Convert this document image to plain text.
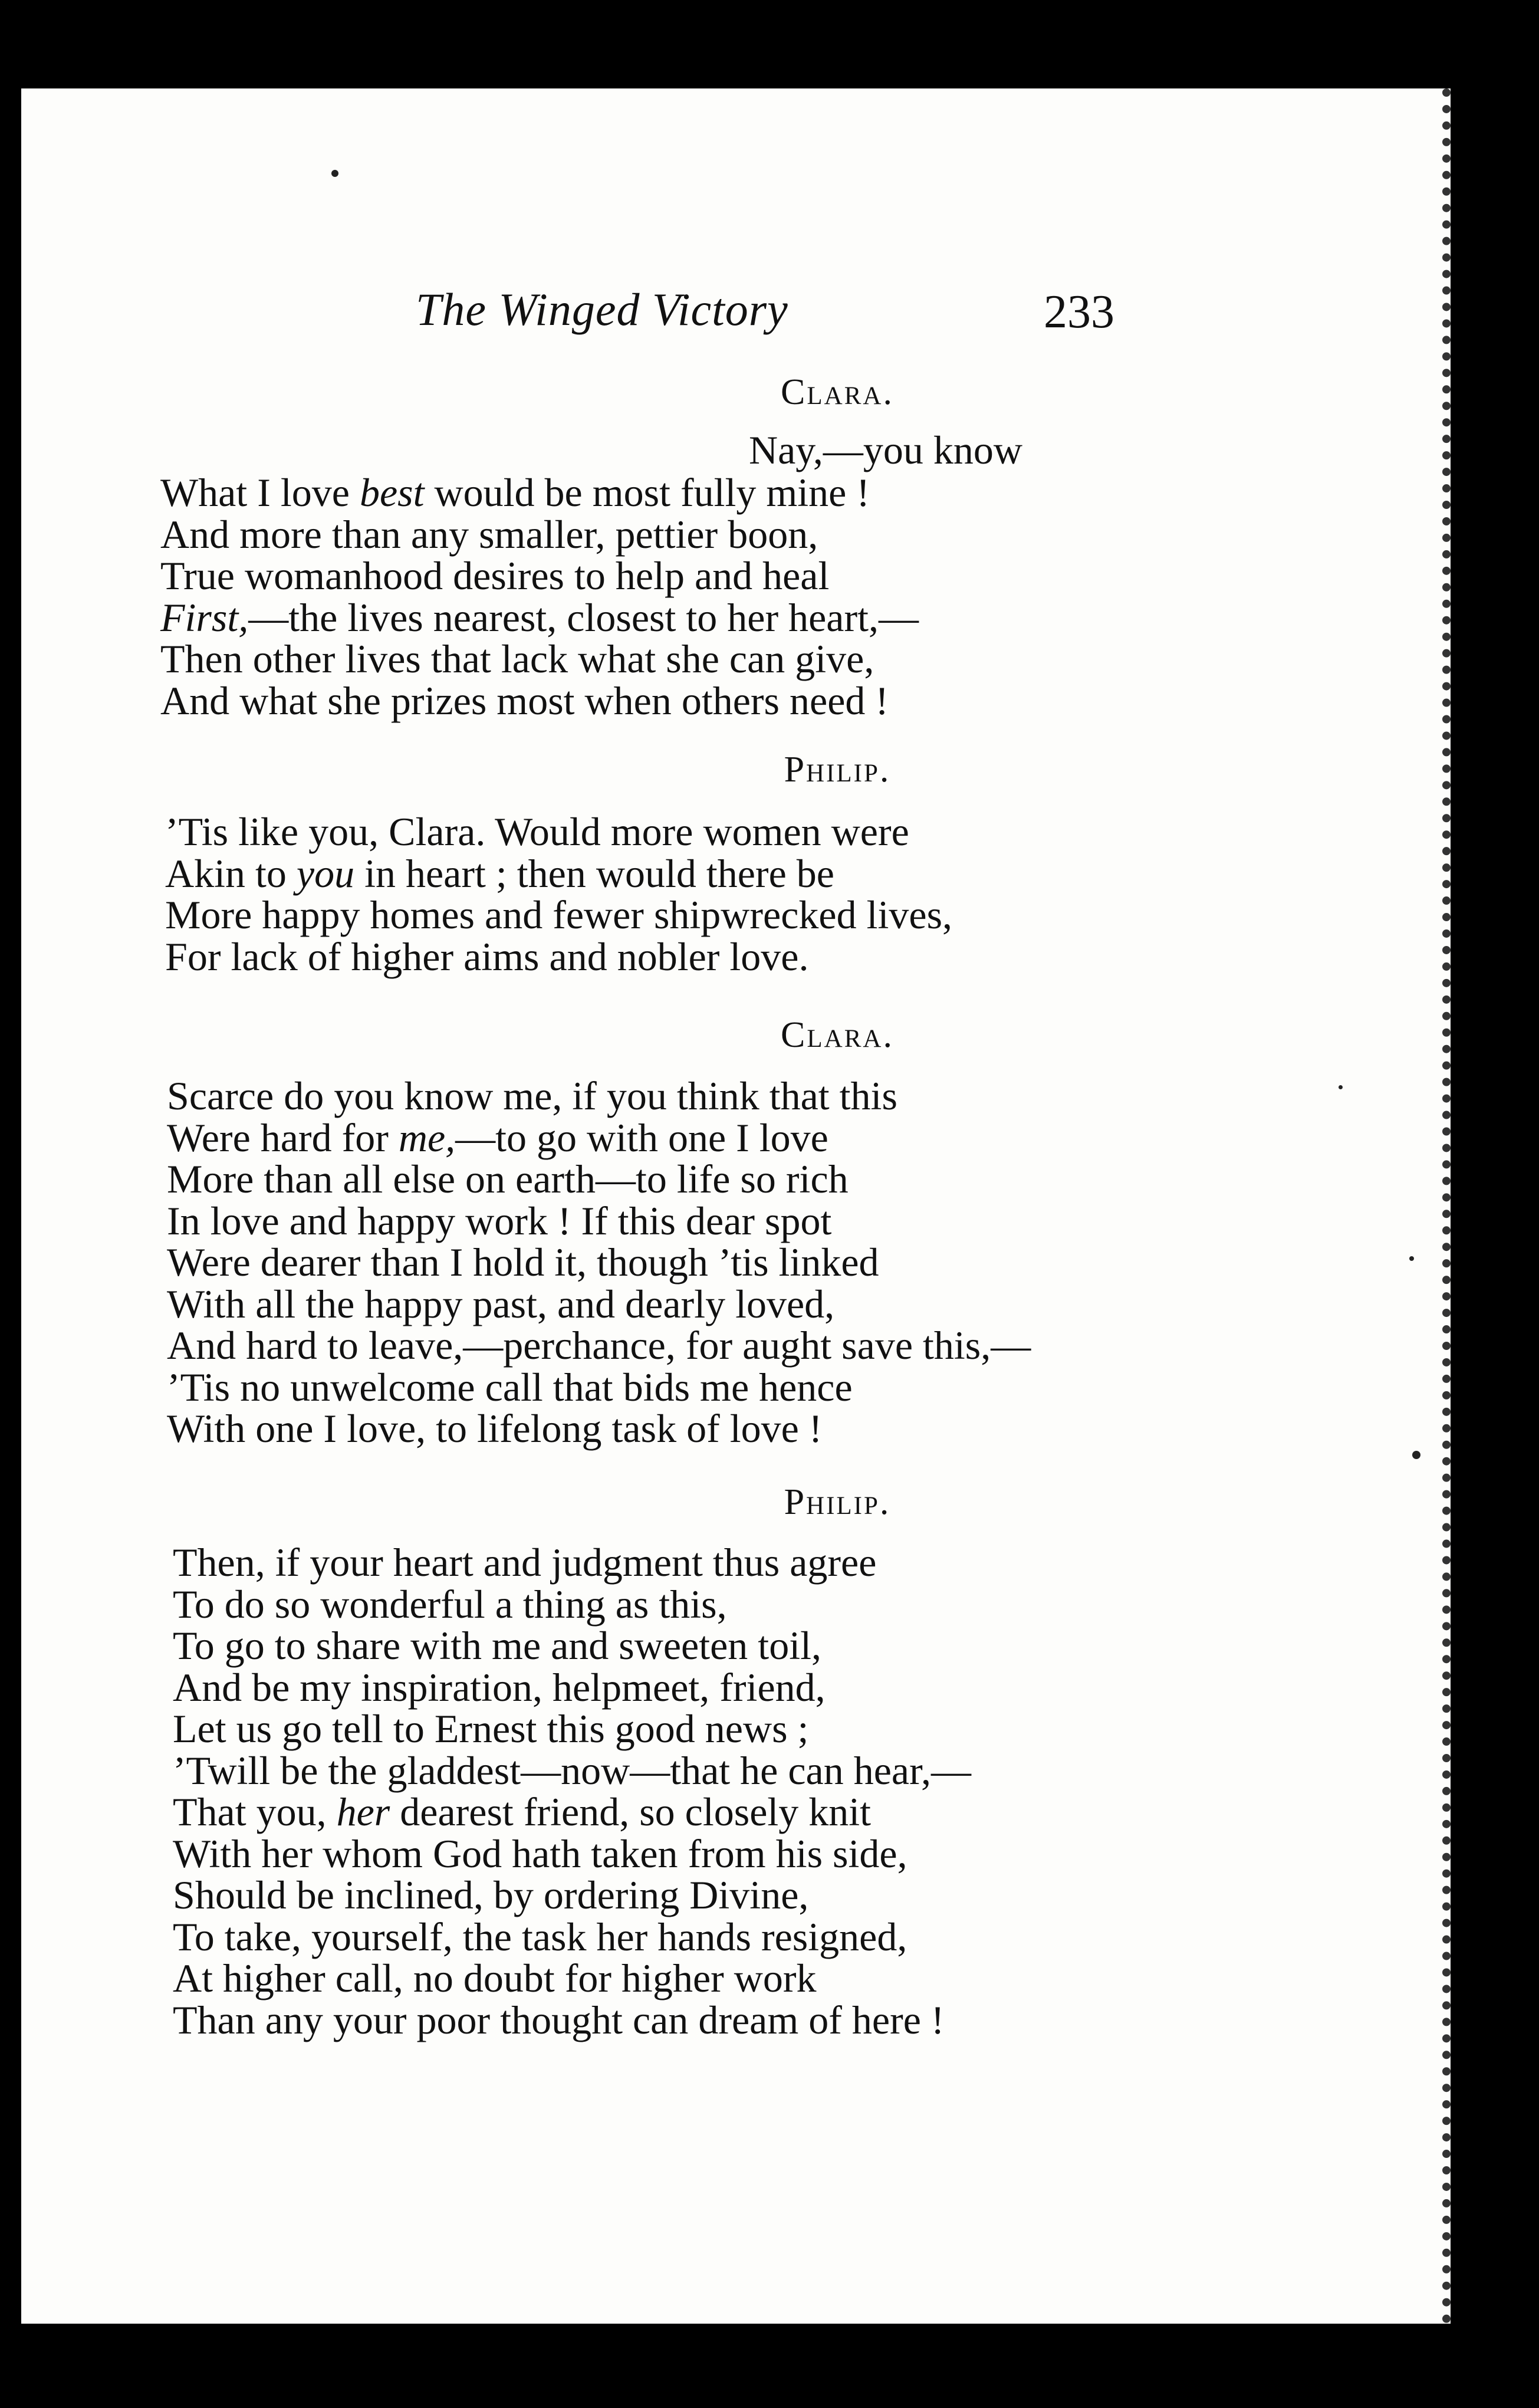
The Winged Victory	233
Clara.
Nay,—you know
What I love best would be most fully mine !
And more than any smaller, pettier boon,
True womanhood desires to help and heal
First,—the lives nearest, closest to her heart,—
Then other lives that lack what she can give,
And what she prizes most when others need !
Philip.
’Tis like you, Clara. Would more women were
Akin to you in heart ; then would there be
More happy homes and fewer shipwrecked lives,
For lack of higher aims and nobler love.
Clara.
Scarce do you know me, if you think that this
Were hard for me,—to go with one I love
More than all else on earth—to life so rich
In love and happy work ! If this dear spot
Were dearer than I hold it, though ’tis linked
With all the happy past, and dearly loved,
And hard to leave,—perchance, for aught save this,—
’Tis no unwelcome call that bids me hence
With one I love, to lifelong task of love !
Philip.
Then, if your heart and judgment thus agree
To do so wonderful a thing as this,
To go to share with me and sweeten toil,
And be my inspiration, helpmeet, friend,
Let us go tell to Ernest this good news ;
’Twill be the gladdest—now—that he can hear,—
That you, her dearest friend, so closely knit
With her whom God hath taken from his side,
Should be inclined, by ordering Divine,
To take, yourself, the task her hands resigned,
At higher call, no doubt for higher work
Than any your poor thought can dream of here !
